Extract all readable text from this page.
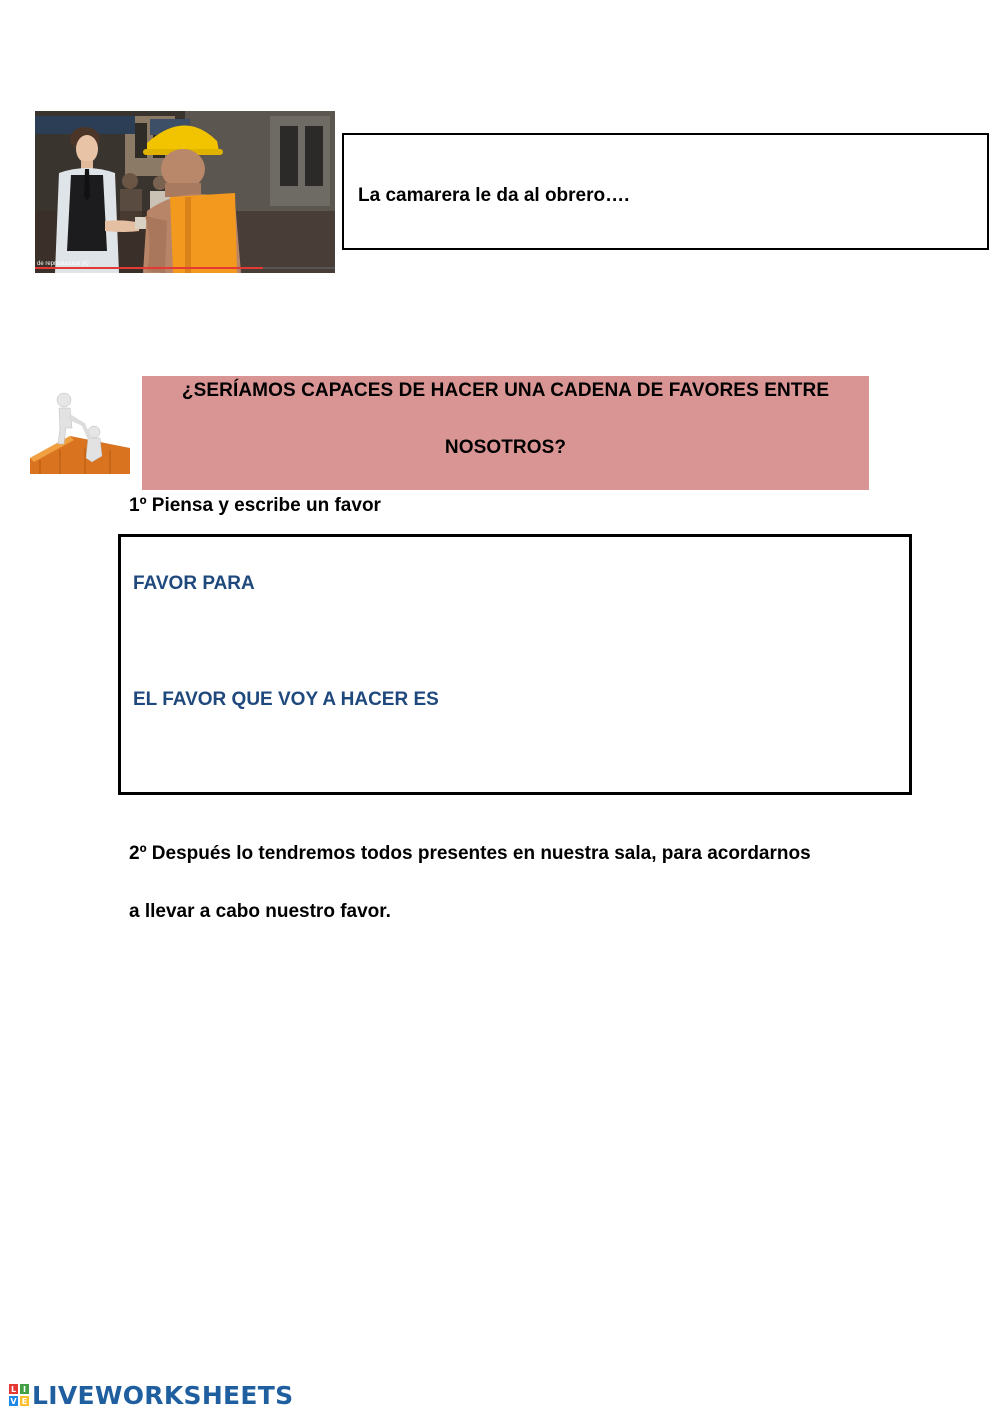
de reproducción (k)
La camarera le da al obrero….
¿SERÍAMOS CAPACES DE HACER UNA CADENA DE FAVORES ENTRE
NOSOTROS?
1º Piensa y escribe un favor
FAVOR PARA
EL FAVOR QUE VOY A HACER ES
2º Después lo tendremos todos presentes en nuestra sala, para acordarnos
a llevar a cabo nuestro favor.
L I
V E LIVEWORKSHEETS
